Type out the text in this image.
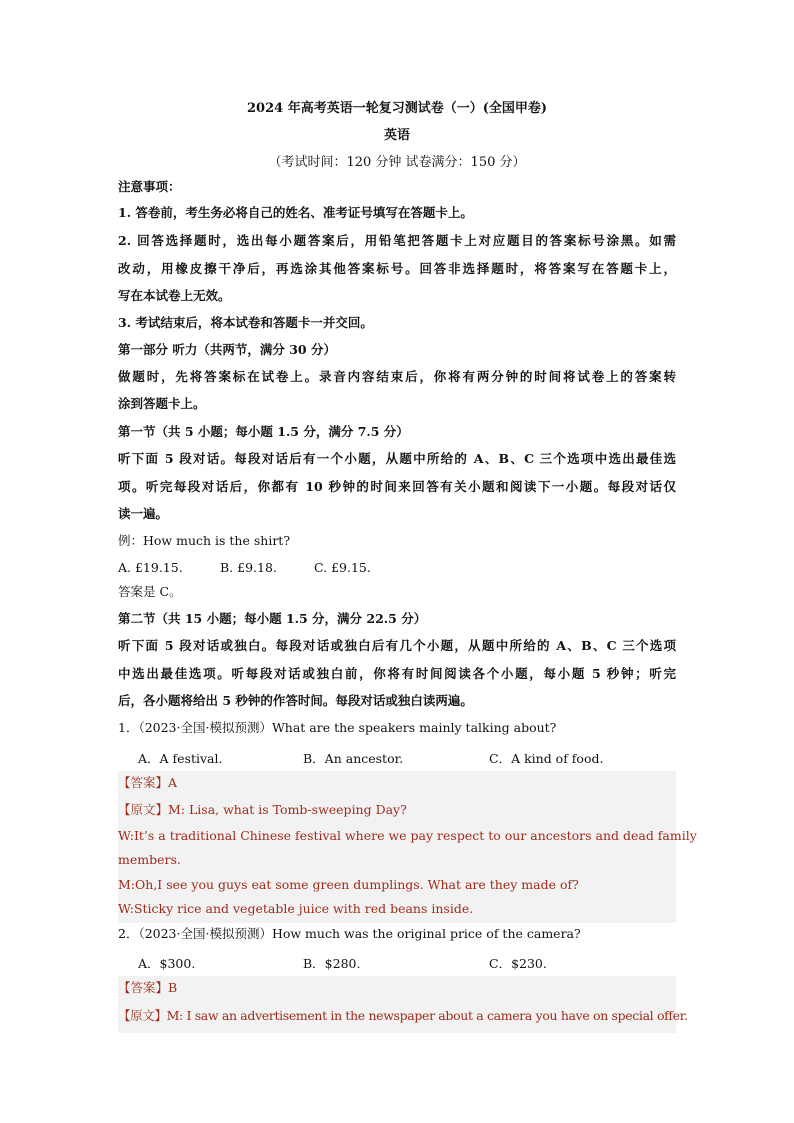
2024 年高考英语一轮复习测试卷（一）(全国甲卷)
英语
（考试时间：120 分钟 试卷满分：150 分）
注意事项：
1. 答卷前，考生务必将自己的姓名、准考证号填写在答题卡上。
2. 回答选择题时，选出每小题答案后，用铅笔把答题卡上对应题目的答案标号涂黑。如需
改动，用橡皮擦干净后，再选涂其他答案标号。回答非选择题时，将答案写在答题卡上，
写在本试卷上无效。
3. 考试结束后，将本试卷和答题卡一并交回。
第一部分 听力（共两节，满分 30 分）
做题时，先将答案标在试卷上。录音内容结束后，你将有两分钟的时间将试卷上的答案转
涂到答题卡上。
第一节（共 5 小题；每小题 1.5 分，满分 7.5 分）
听下面 5 段对话。每段对话后有一个小题，从题中所给的 A、B、C 三个选项中选出最佳选
项。听完每段对话后，你都有 10 秒钟的时间来回答有关小题和阅读下一小题。每段对话仅
读一遍。
例：How much is the shirt?
A. £19.15.	B. £9.18.	C. £9.15.
答案是 C。
第二节（共 15 小题；每小题 1.5 分，满分 22.5 分）
听下面 5 段对话或独白。每段对话或独白后有几个小题，从题中所给的 A、B、C 三个选项
中选出最佳选项。听每段对话或独白前，你将有时间阅读各个小题，每小题 5 秒钟；听完
后，各小题将给出 5 秒钟的作答时间。每段对话或独白读两遍。
1．（2023·全国·模拟预测）What are the speakers mainly talking about?
A．A festival.	B．An ancestor.	C．A kind of food.
【答案】A
【原文】M: Lisa, what is Tomb-sweeping Day?
W:It’s a traditional Chinese festival where we pay respect to our ancestors and dead family
members.
M:Oh,I see you guys eat some green dumplings. What are they made of?
W:Sticky rice and vegetable juice with red beans inside.
2．（2023·全国·模拟预测）How much was the original price of the camera?
A．$300.	B．$280.	C．$230.
【答案】B
【原文】M: I saw an advertisement in the newspaper about a camera you have on special offer.
